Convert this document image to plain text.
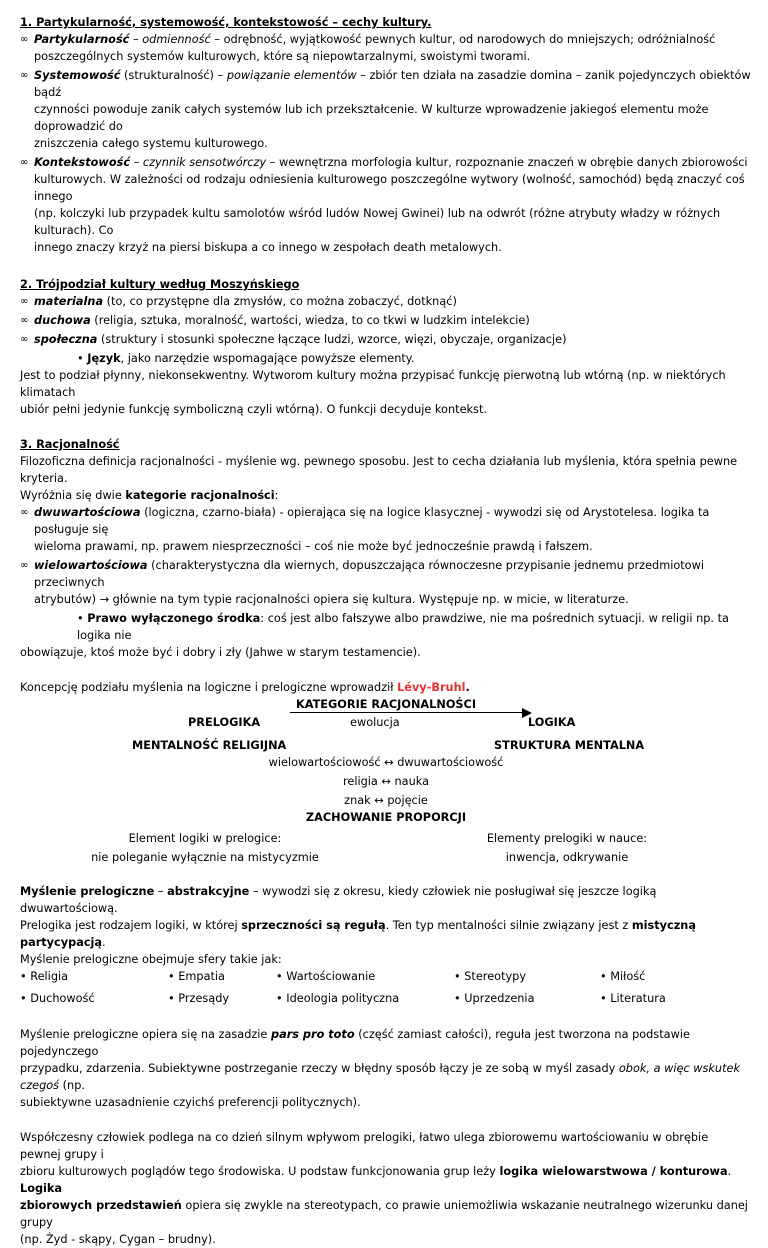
1. Partykularność, systemowość, kontekstowość – cechy kultury.

∞ Partykularność – odmienność – odrębność, wyjątkowość pewnych kultur, od narodowych do mniejszych; odróżnialność

poszczególnych systemów kulturowych, które są niepowtarzalnymi, swoistymi tworami.

∞ Systemowość (strukturalność) – powiązanie elementów – zbiór ten działa na zasadzie domina – zanik pojedynczych obiektów bądź

czynności powoduje zanik całych systemów lub ich przekształcenie. W kulturze wprowadzenie jakiegoś elementu może doprowadzić do

zniszczenia całego systemu kulturowego.

∞ Kontekstowość – czynnik sensotwórczy – wewnętrzna morfologia kultur, rozpoznanie znaczeń w obrębie danych zbiorowości

kulturowych. W zależności od rodzaju odniesienia kulturowego poszczególne wytwory (wolność, samochód) będą znaczyć coś innego

(np. kolczyki lub przypadek kultu samolotów wśród ludów Nowej Gwinei) lub na odwrót (różne atrybuty władzy w różnych kulturach). Co

innego znaczy krzyż na piersi biskupa a co innego w zespołach death metalowych.

2. Trójpodział kultury według Moszyńskiego

∞ materialna (to, co przystępne dla zmysłów, co można zobaczyć, dotknąć)

∞ duchowa (religia, sztuka, moralność, wartości, wiedza, to co tkwi w ludzkim intelekcie)

∞ społeczna (struktury i stosunki społeczne łączące ludzi, wzorce, więzi, obyczaje, organizacje)

• Język, jako narzędzie wspomagające powyższe elementy.

Jest to podział płynny, niekonsekwentny. Wytworom kultury można przypisać funkcję pierwotną lub wtórną (np. w niektórych klimatach

ubiór pełni jedynie funkcję symboliczną czyli wtórną). O funkcji decyduje kontekst.

3. Racjonalność

Filozoficzna definicja racjonalności - myślenie wg. pewnego sposobu. Jest to cecha działania lub myślenia, która spełnia pewne kryteria.

Wyróżnia się dwie kategorie racjonalności:

∞ dwuwartościowa (logiczna, czarno-biała) - opierająca się na logice klasycznej - wywodzi się od Arystotelesa. logika ta posługuje się

wieloma prawami, np. prawem niesprzeczności – coś nie może być jednocześnie prawdą i fałszem.

∞ wielowartościowa (charakterystyczna dla wiernych, dopuszczająca równoczesne przypisanie jednemu przedmiotowi przeciwnych

atrybutów) → głównie na tym typie racjonalności opiera się kultura. Występuje np. w micie, w literaturze.

• Prawo wyłączonego środka: coś jest albo fałszywe albo prawdziwe, nie ma pośrednich sytuacji. w religii np. ta logika nie

obowiązuje, ktoś może być i dobry i zły (Jahwe w starym testamencie).

Koncepcję podziału myślenia na logiczne i prelogiczne wprowadził Lévy-Bruhl.

KATEGORIE RACJONALNOŚCI
PRELOGIKA	ewolucja	LOGIKA
MENTALNOŚĆ RELIGIJNA	STRUKTURA MENTALNA
wielowartościowość ↔ dwuwartościowość
religia ↔ nauka
znak ↔ pojęcie
ZACHOWANIE PROPORCJI
Element logiki w prelogice:	Elementy prelogiki w nauce:
nie poleganie wyłącznie na mistycyzmie	inwencja, odkrywanie

Myślenie prelogiczne – abstrakcyjne – wywodzi się z okresu, kiedy człowiek nie posługiwał się jeszcze logiką dwuwartościową.

Prelogika jest rodzajem logiki, w której sprzeczności są regułą. Ten typ mentalności silnie związany jest z mistyczną partycypacją.

Myślenie prelogiczne obejmuje sfery takie jak:

• Religia	• Empatia	• Wartościowanie	• Stereotypy	• Miłość
• Duchowość	• Przesądy	• Ideologia polityczna	• Uprzedzenia	• Literatura

Myślenie prelogiczne opiera się na zasadzie pars pro toto (część zamiast całości), reguła jest tworzona na podstawie pojedynczego

przypadku, zdarzenia. Subiektywne postrzeganie rzeczy w błędny sposób łączy je ze sobą w myśl zasady obok, a więc wskutek czegoś (np.

subiektywne uzasadnienie czyichś preferencji politycznych).

Współczesny człowiek podlega na co dzień silnym wpływom prelogiki, łatwo ulega zbiorowemu wartościowaniu w obrębie pewnej grupy i

zbioru kulturowych poglądów tego środowiska. U podstaw funkcjonowania grup leży logika wielowarstwowa / konturowa. Logika

zbiorowych przedstawień opiera się zwykle na stereotypach, co prawie uniemożliwia wskazanie neutralnego wizerunku danej grupy

(np. Żyd - skąpy, Cygan – brudny).
